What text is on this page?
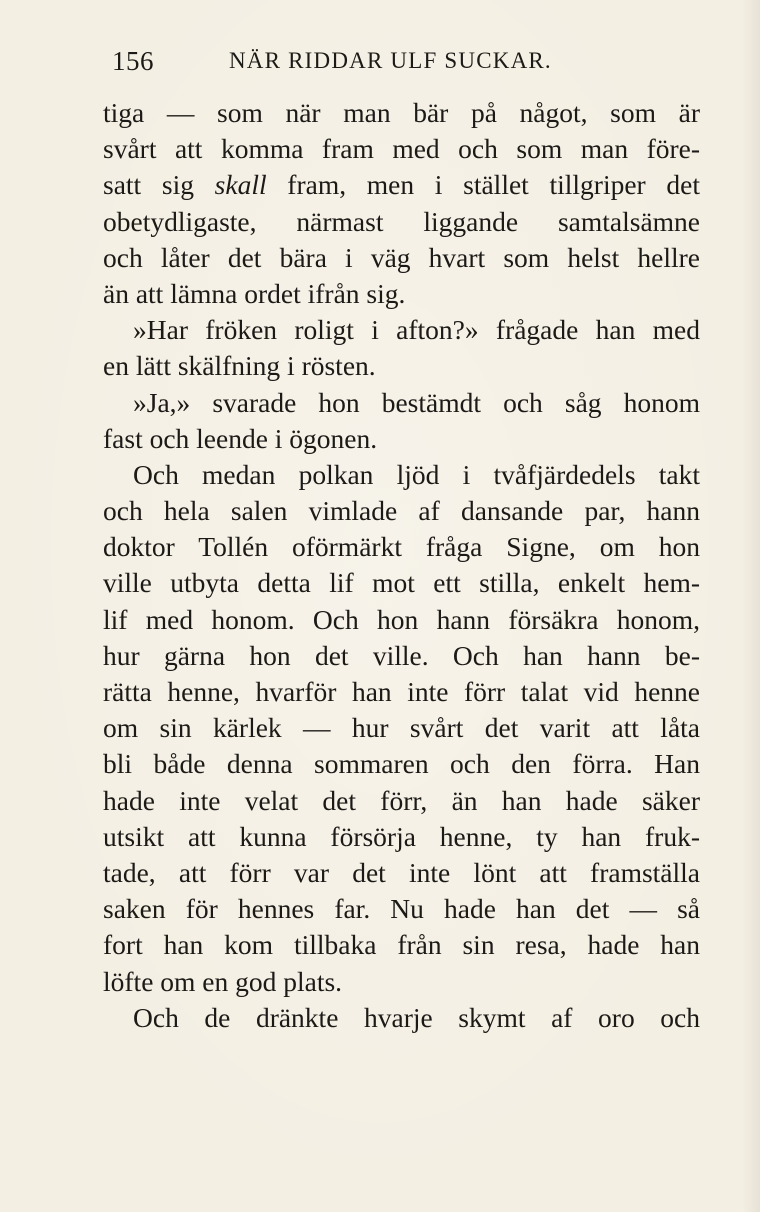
156	NÄR RIDDAR ULF SUCKAR.
tiga — som när man bär på något, som är
svårt att komma fram med och som man före-
satt sig skall fram, men i stället tillgriper det
obetydligaste, närmast liggande samtalsämne
och låter det bära i väg hvart som helst hellre
än att lämna ordet ifrån sig.
»Har fröken roligt i afton?» frågade han med
en lätt skälfning i rösten.
»Ja,» svarade hon bestämdt och såg honom
fast och leende i ögonen.
Och medan polkan ljöd i tvåfjärdedels takt
och hela salen vimlade af dansande par, hann
doktor Tollén oförmärkt fråga Signe, om hon
ville utbyta detta lif mot ett stilla, enkelt hem-
lif med honom. Och hon hann försäkra honom,
hur gärna hon det ville. Och han hann be-
rätta henne, hvarför han inte förr talat vid henne
om sin kärlek — hur svårt det varit att låta
bli både denna sommaren och den förra. Han
hade inte velat det förr, än han hade säker
utsikt att kunna försörja henne, ty han fruk-
tade, att förr var det inte lönt att framställa
saken för hennes far. Nu hade han det — så
fort han kom tillbaka från sin resa, hade han
löfte om en god plats.
Och de dränkte hvarje skymt af oro och
